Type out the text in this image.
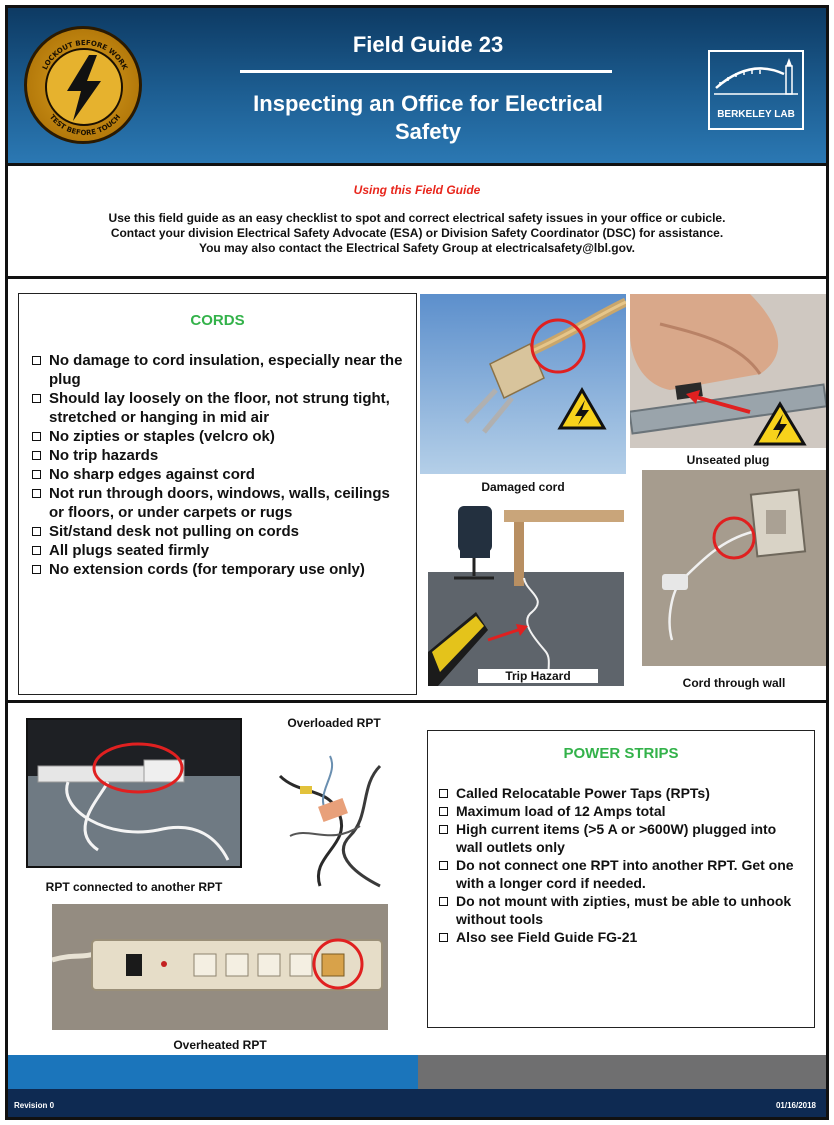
LOCKOUT BEFORE WORK
TEST BEFORE TOUCH
Field Guide 23
Inspecting an Office for Electrical
Safety
BERKELEY LAB
Using this Field Guide
Use this field guide as an easy checklist to spot and correct electrical safety issues in your office or cubicle.
Contact your division Electrical Safety Advocate (ESA) or Division Safety Coordinator (DSC) for assistance.
You may also contact the Electrical Safety Group at electricalsafety@lbl.gov.
CORDS
No damage to cord insulation, especially near the plug
Should lay loosely on the floor, not strung tight, stretched or hanging in mid air
No zipties or staples (velcro ok)
No trip hazards
No sharp edges against cord
Not run through doors, windows, walls, ceilings or floors, or under carpets or rugs
Sit/stand desk not pulling on cords
All plugs seated firmly
No extension cords (for temporary use only)
Damaged cord
Unseated plug
Trip Hazard	Cord through wall
RPT connected to another RPT
Overloaded RPT
Overheated RPT
POWER STRIPS
Called Relocatable Power Taps (RPTs)
Maximum load of 12 Amps total
High current items (>5 A or >600W) plugged into wall outlets only
Do not connect one RPT into another RPT. Get one with a longer cord if needed.
Do not mount with zipties, must be able to unhook without tools
Also see Field Guide FG-21
Revision 0	01/16/2018
